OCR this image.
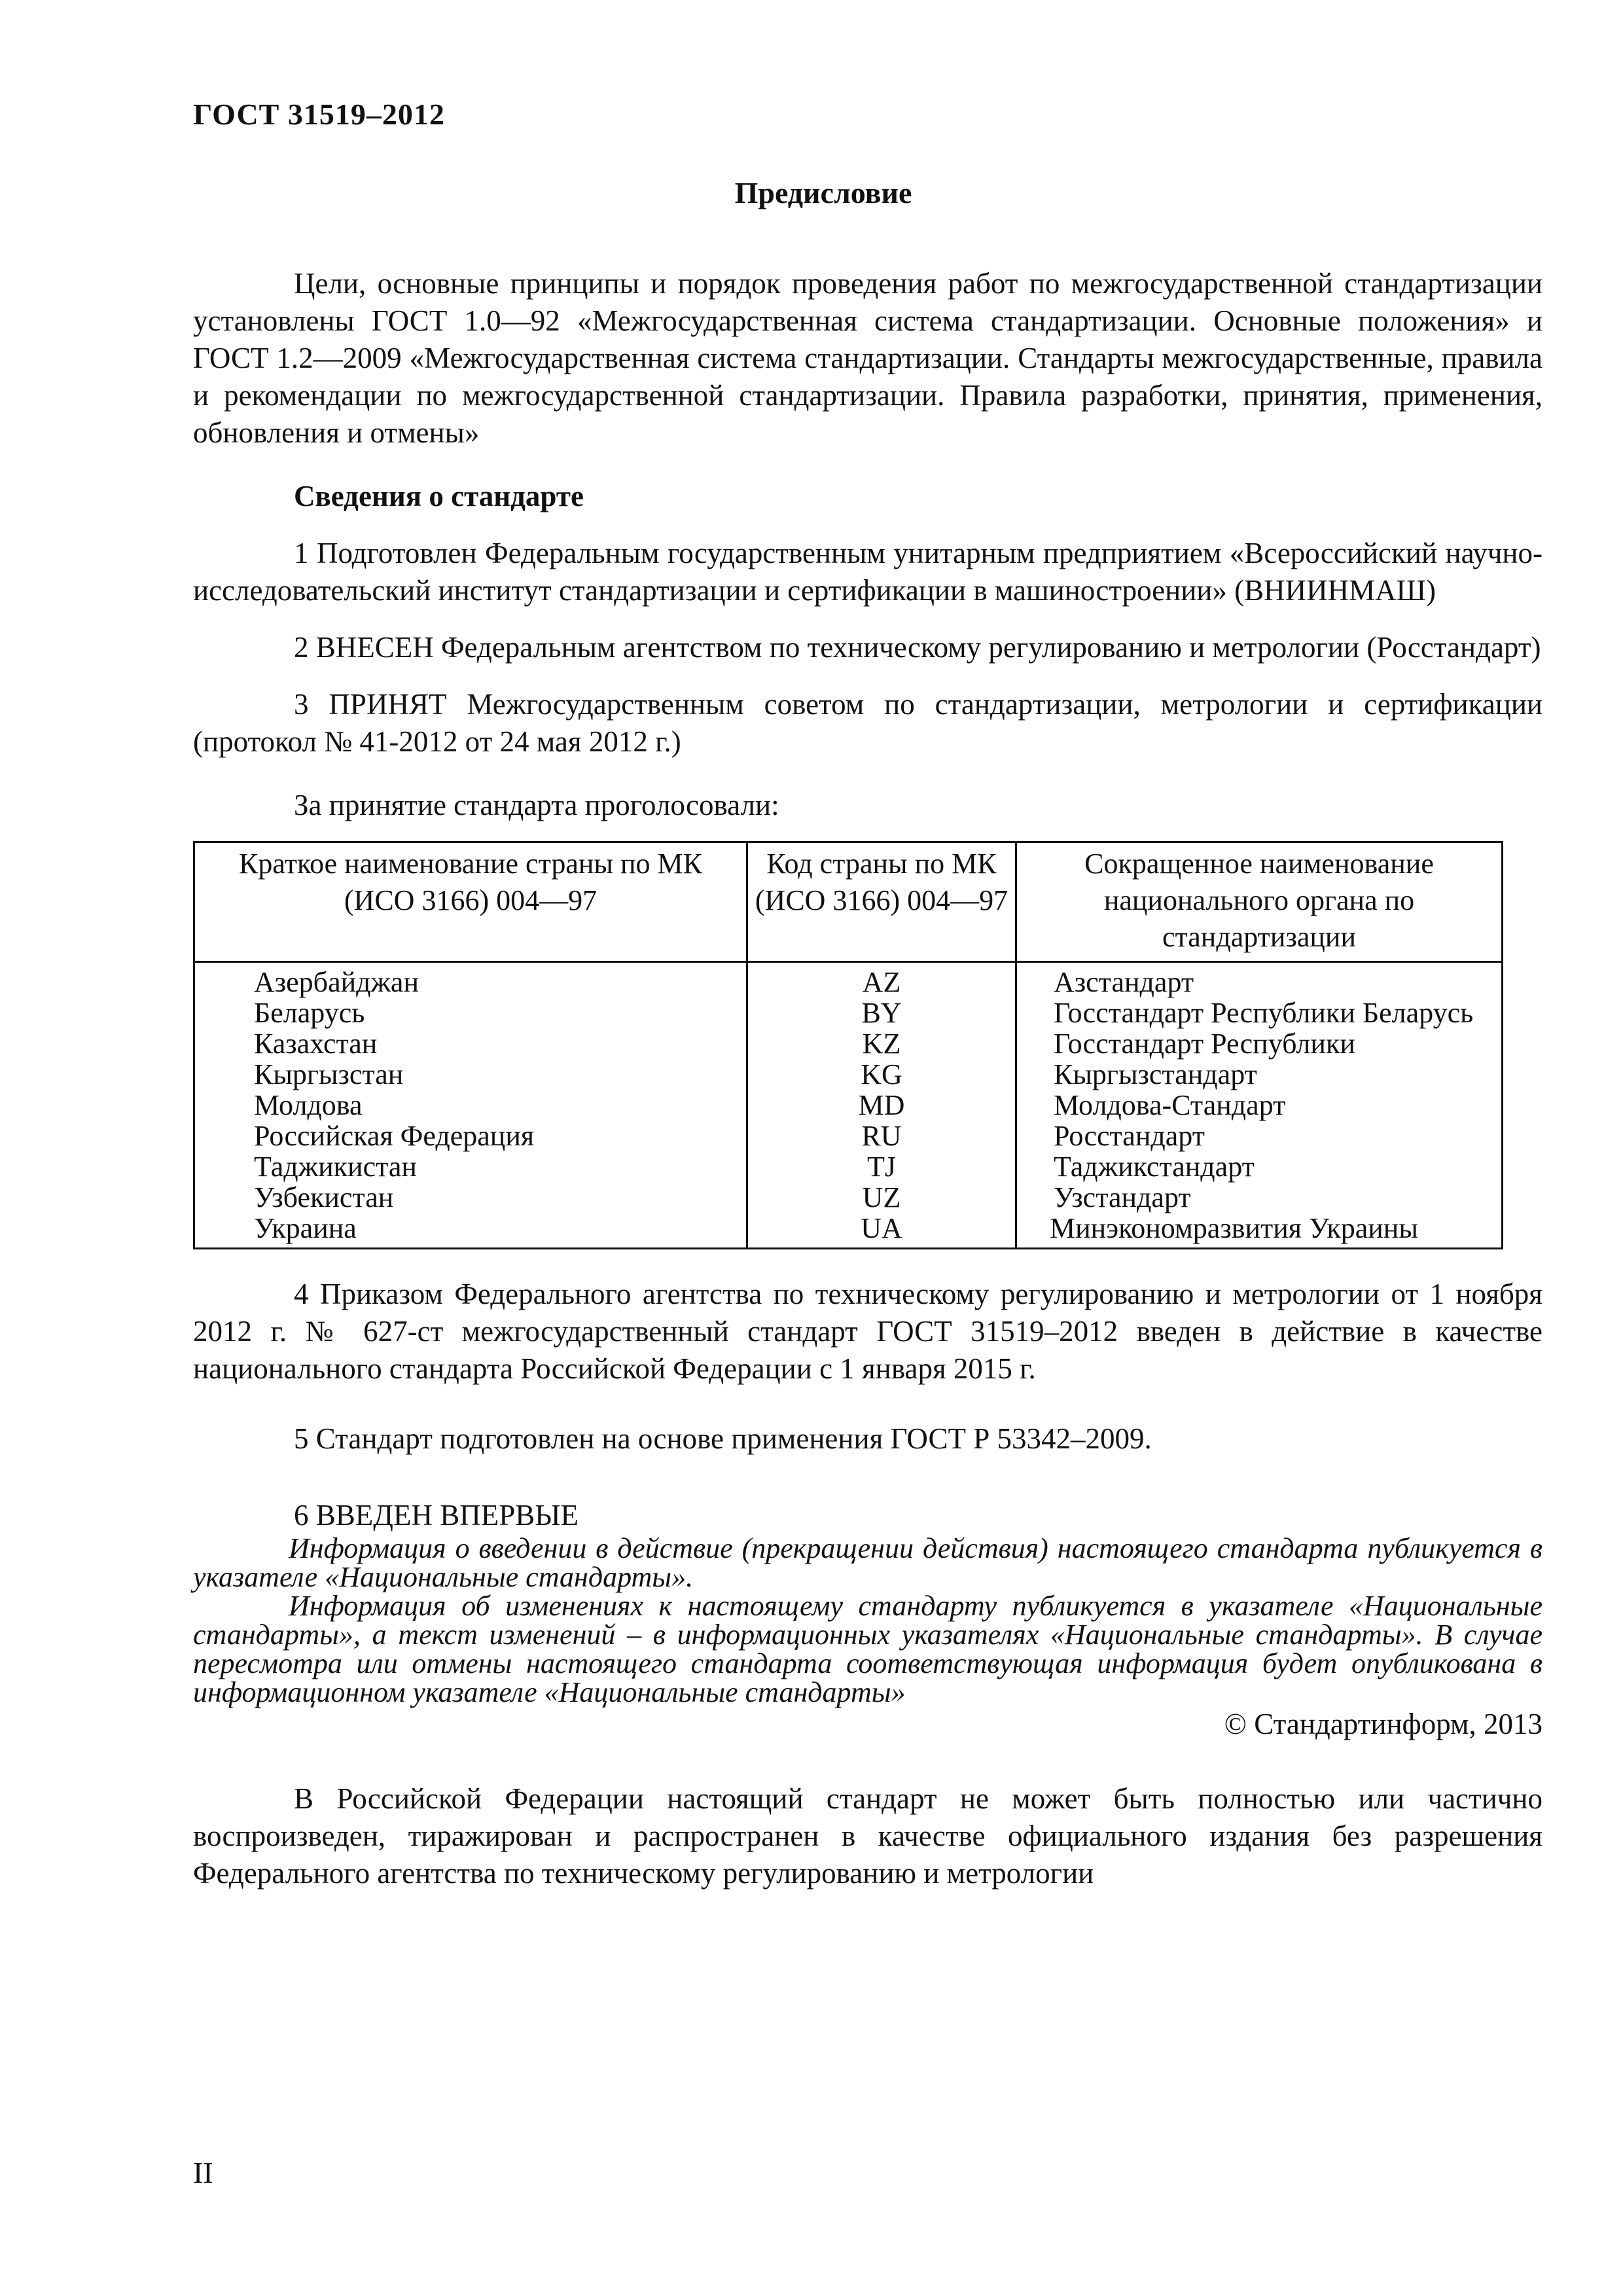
ГОСТ 31519–2012
Предисловие

Цели, основные принципы и порядок проведения работ по межгосударственной стандартизации установлены ГОСТ 1.0—92 «Межгосударственная система стандартизации. Основные положения» и ГОСТ 1.2—2009 «Межгосударственная система стандартизации. Стандарты межгосударственные, правила и рекомендации по межгосударственной стандартизации. Правила разработки, принятия, применения, обновления и отмены»

Сведения о стандарте

1 Подготовлен Федеральным государственным унитарным предприятием «Всероссийский научно-исследовательский институт стандартизации и сертификации в машиностроении» (ВНИИНМАШ)

2 ВНЕСЕН Федеральным агентством по техническому регулированию и метрологии (Росстандарт)

3 ПРИНЯТ Межгосударственным советом по стандартизации, метрологии и сертификации (протокол № 41-2012 от 24 мая 2012 г.)

За принятие стандарта проголосовали:

Краткое наименование страны по МК (ИСО 3166) 004—97	Код страны по МК (ИСО 3166) 004—97	Сокращенное наименование национального органа по стандартизации
Азербайджан	AZ	Азстандарт
Беларусь	BY	Госстандарт Республики Беларусь
Казахстан	KZ	Госстандарт Республики
Кыргызстан	KG	Кыргызстандарт
Молдова	MD	Молдова-Стандарт
Российская Федерация	RU	Росстандарт
Таджикистан	TJ	Таджикстандарт
Узбекистан	UZ	Узстандарт
Украина	UA	Минэкономразвития Украины

4 Приказом Федерального агентства по техническому регулированию и метрологии от 1 ноября 2012 г. № 627-ст межгосударственный стандарт ГОСТ 31519–2012 введен в действие в качестве национального стандарта Российской Федерации с 1 января 2015 г.

5 Стандарт подготовлен на основе применения ГОСТ Р 53342–2009.

6 ВВЕДЕН ВПЕРВЫЕ

Информация о введении в действие (прекращении действия) настоящего стандарта публикуется в указателе «Национальные стандарты».

Информация об изменениях к настоящему стандарту публикуется в указателе «Национальные стандарты», а текст изменений – в информационных указателях «Национальные стандарты». В случае пересмотра или отмены настоящего стандарта соответствующая информация будет опубликована в информационном указателе «Национальные стандарты»

© Стандартинформ, 2013

В Российской Федерации настоящий стандарт не может быть полностью или частично воспроизведен, тиражирован и распространен в качестве официального издания без разрешения Федерального агентства по техническому регулированию и метрологии

II
